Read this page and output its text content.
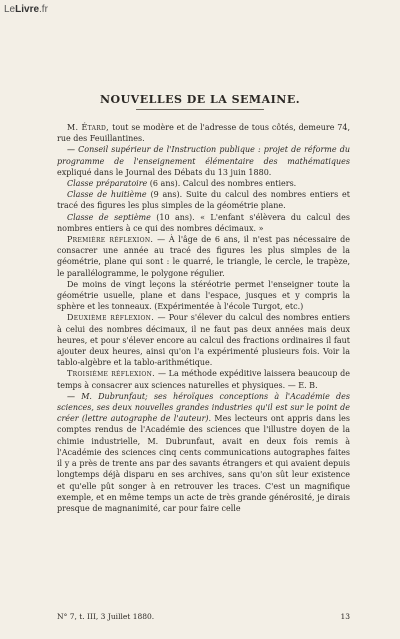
LeLivre.fr
NOUVELLES DE LA SEMAINE.

M. Étard, tout se modère et de l'adresse de tous côtés, demeure 74, rue des Feuillantines.

— Conseil supérieur de l'Instruction publique : projet de réforme du programme de l'enseignement élémentaire des mathématiques expliqué dans le Journal des Débats du 13 juin 1880.

Classe préparatoire (6 ans). Calcul des nombres entiers.

Classe de huitième (9 ans). Suite du calcul des nombres entiers et tracé des figures les plus simples de la géométrie plane.

Classe de septième (10 ans). « L'enfant s'élèvera du calcul des nombres entiers à ce qui des nombres décimaux. »

Première réflexion. — À l'âge de 6 ans, il n'est pas nécessaire de consacrer une année au tracé des figures les plus simples de la géométrie, plane qui sont : le quarré, le triangle, le cercle, le trapèze, le parallélogramme, le polygone régulier.

De moins de vingt leçons la stéréotrie permet l'enseigner toute la géométrie usuelle, plane et dans l'espace, jusques et y compris la sphère et les tonneaux. (Expérimentée à l'école Turgot, etc.)

Deuxième réflexion. — Pour s'élever du calcul des nombres entiers à celui des nombres décimaux, il ne faut pas deux années mais deux heures, et pour s'élever encore au calcul des fractions ordinaires il faut ajouter deux heures, ainsi qu'on l'a expérimenté plusieurs fois. Voir la tablo-algèbre et la tablo-arithmétique.

Troisième réflexion. — La méthode expéditive laissera beaucoup de temps à consacrer aux sciences naturelles et physiques. — E. B.

— M. Dubrunfaut; ses héroïques conceptions à l'Académie des sciences, ses deux nouvelles grandes industries qu'il est sur le point de créer (lettre autographe de l'auteur). Mes lecteurs ont appris dans les comptes rendus de l'Académie des sciences que l'illustre doyen de la chimie industrielle, M. Dubrunfaut, avait en deux fois remis à l'Académie des sciences cinq cents communications autographes faites il y a près de trente ans par des savants étrangers et qui avaient depuis longtemps déjà disparu en ses archives, sans qu'on sût leur existence et qu'elle pût songer à en retrouver les traces. C'est un magnifique exemple, et en même temps un acte de très grande générosité, je dirais presque de magnanimité, car pour faire celle

N° 7, t. III, 3 Juillet 1880.	13
